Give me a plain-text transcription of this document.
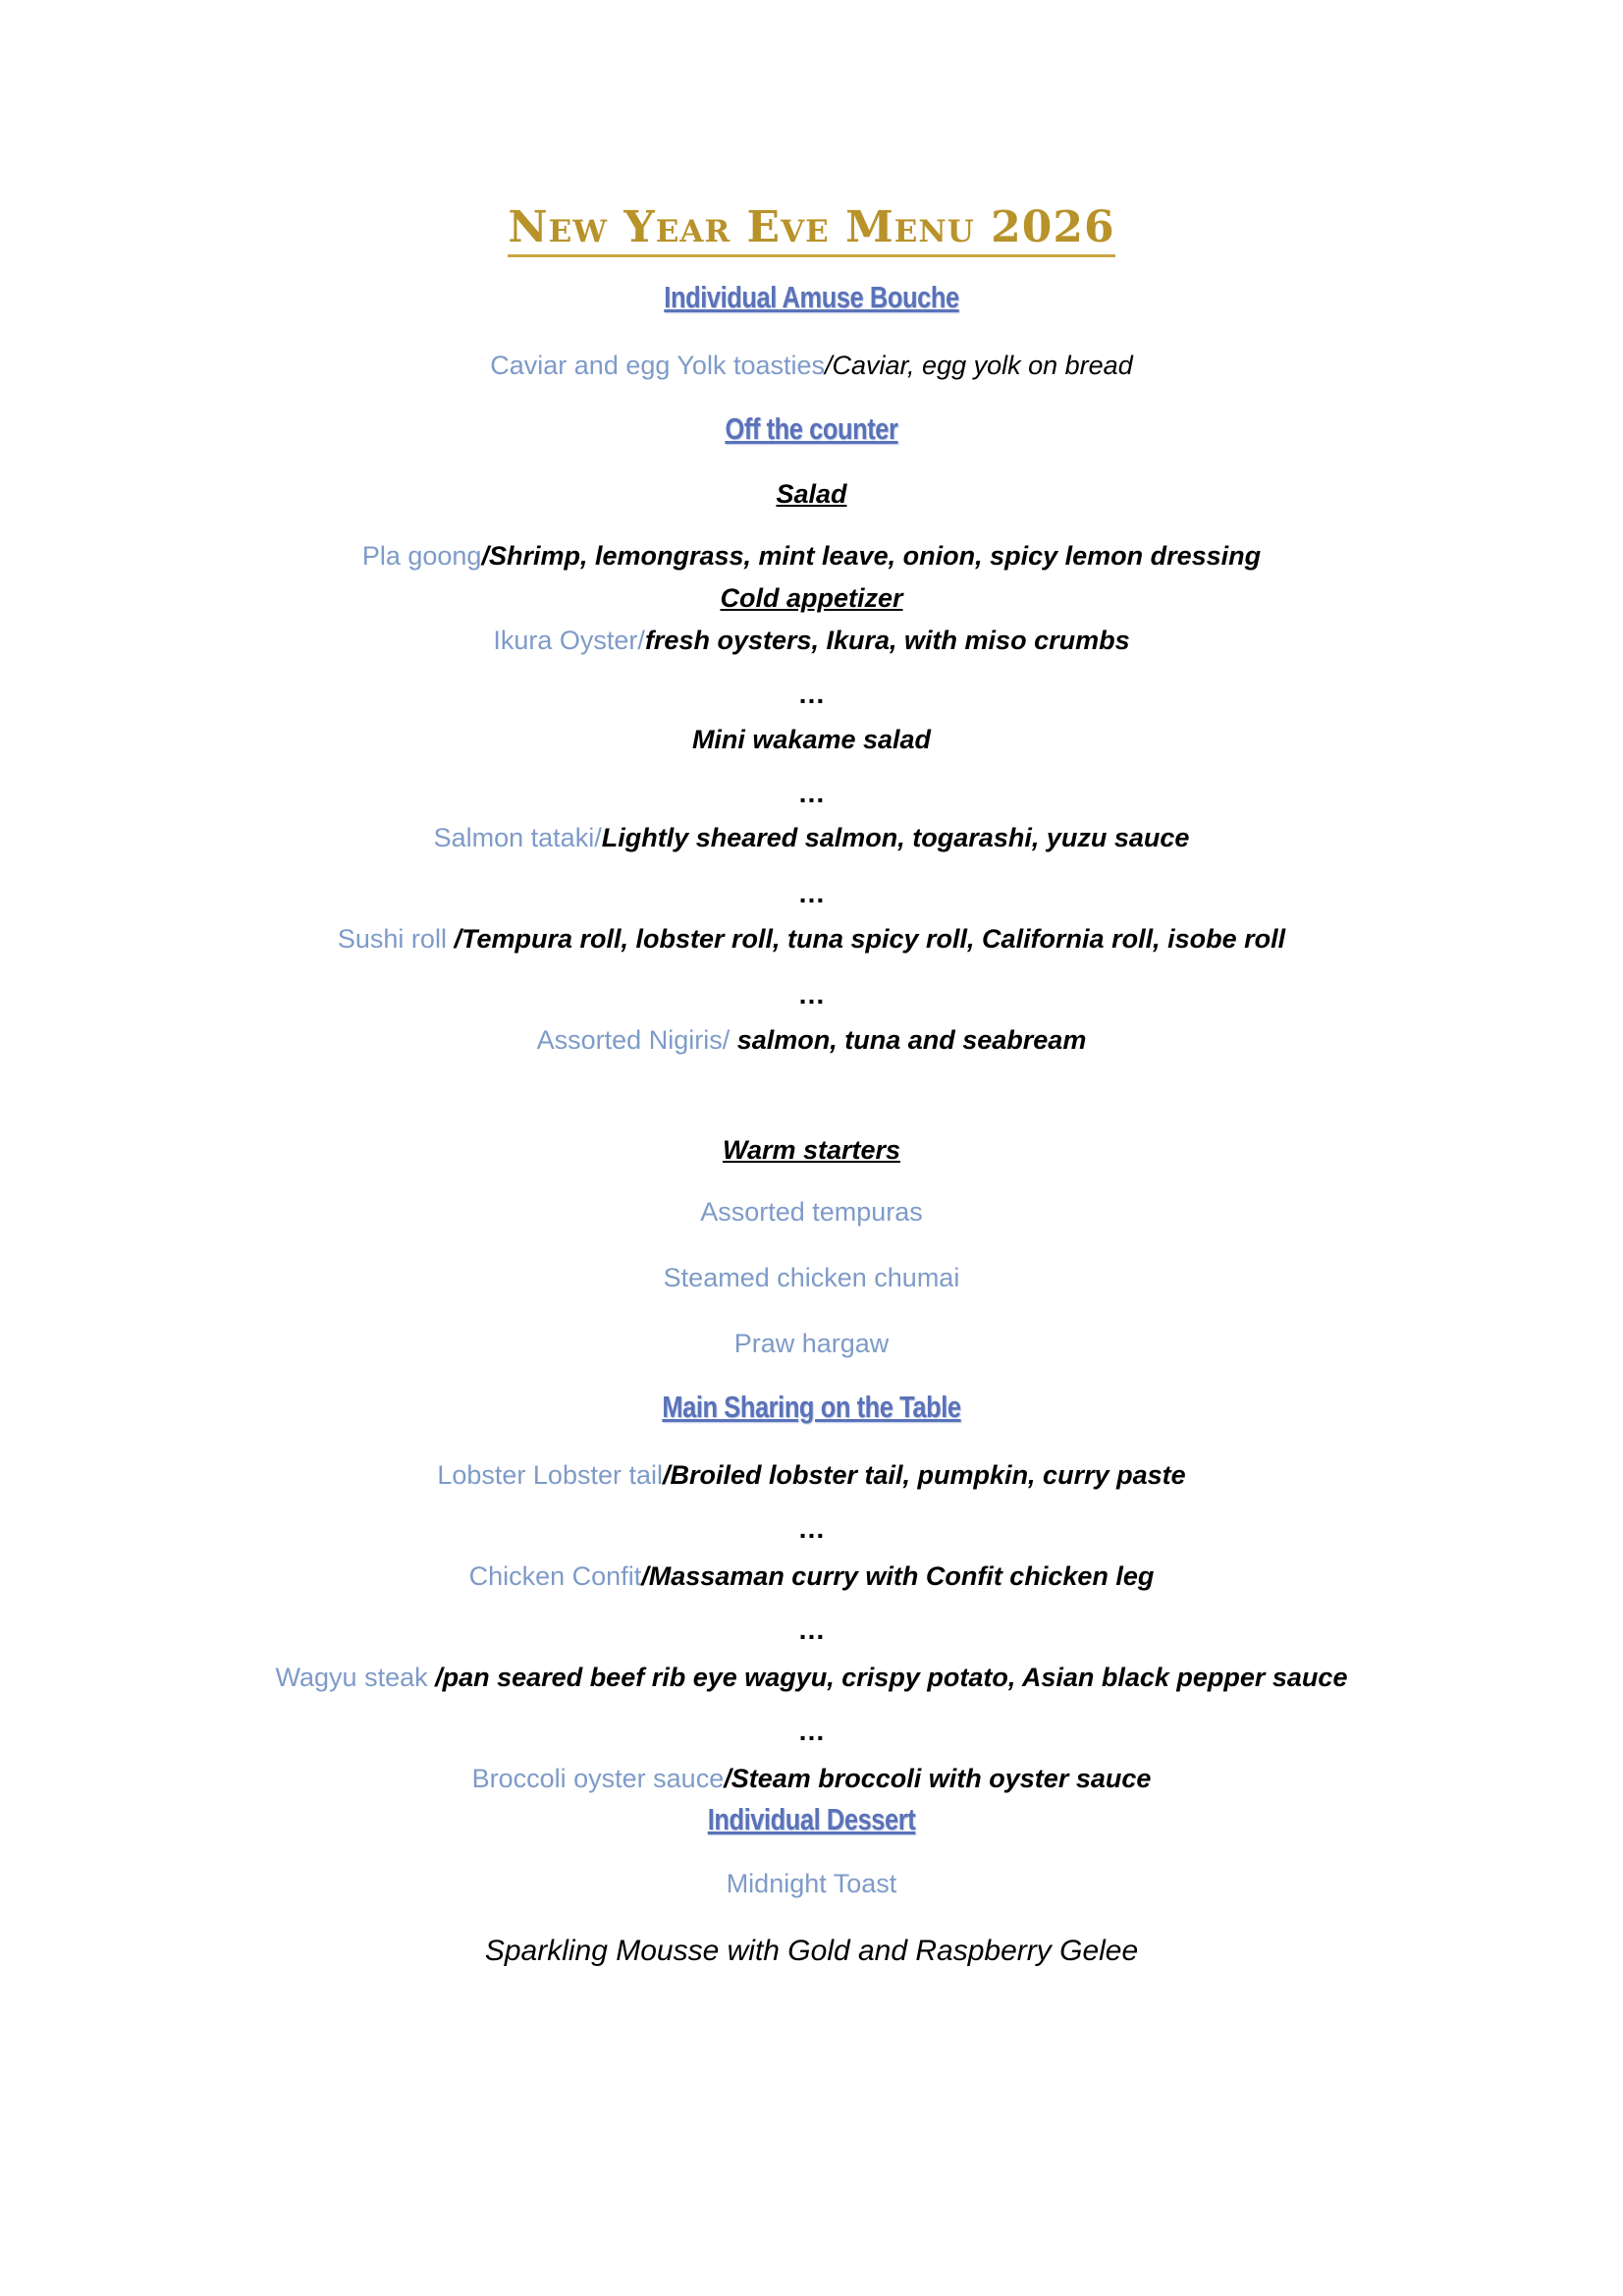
New Year Eve Menu 2026
Individual Amuse Bouche
Caviar and egg Yolk toasties/Caviar, egg yolk on bread
Off the counter
Salad
Pla goong/Shrimp, lemongrass, mint leave, onion, spicy lemon dressing
Cold appetizer
Ikura Oyster/fresh oysters, Ikura, with miso crumbs
…
Mini wakame salad
…
Salmon tataki/Lightly sheared salmon, togarashi, yuzu sauce
…
Sushi roll /Tempura roll, lobster roll, tuna spicy roll, California roll, isobe roll
…
Assorted Nigiris/ salmon, tuna and seabream
Warm starters
Assorted tempuras
Steamed chicken chumai
Praw hargaw
Main Sharing on the Table
Lobster Lobster tail/Broiled lobster tail, pumpkin, curry paste
…
Chicken Confit/Massaman curry with Confit chicken leg
…
Wagyu steak /pan seared beef rib eye wagyu, crispy potato, Asian black pepper sauce
…
Broccoli oyster sauce/Steam broccoli with oyster sauce
Individual Dessert
Midnight Toast
Sparkling Mousse with Gold and Raspberry Gelee
